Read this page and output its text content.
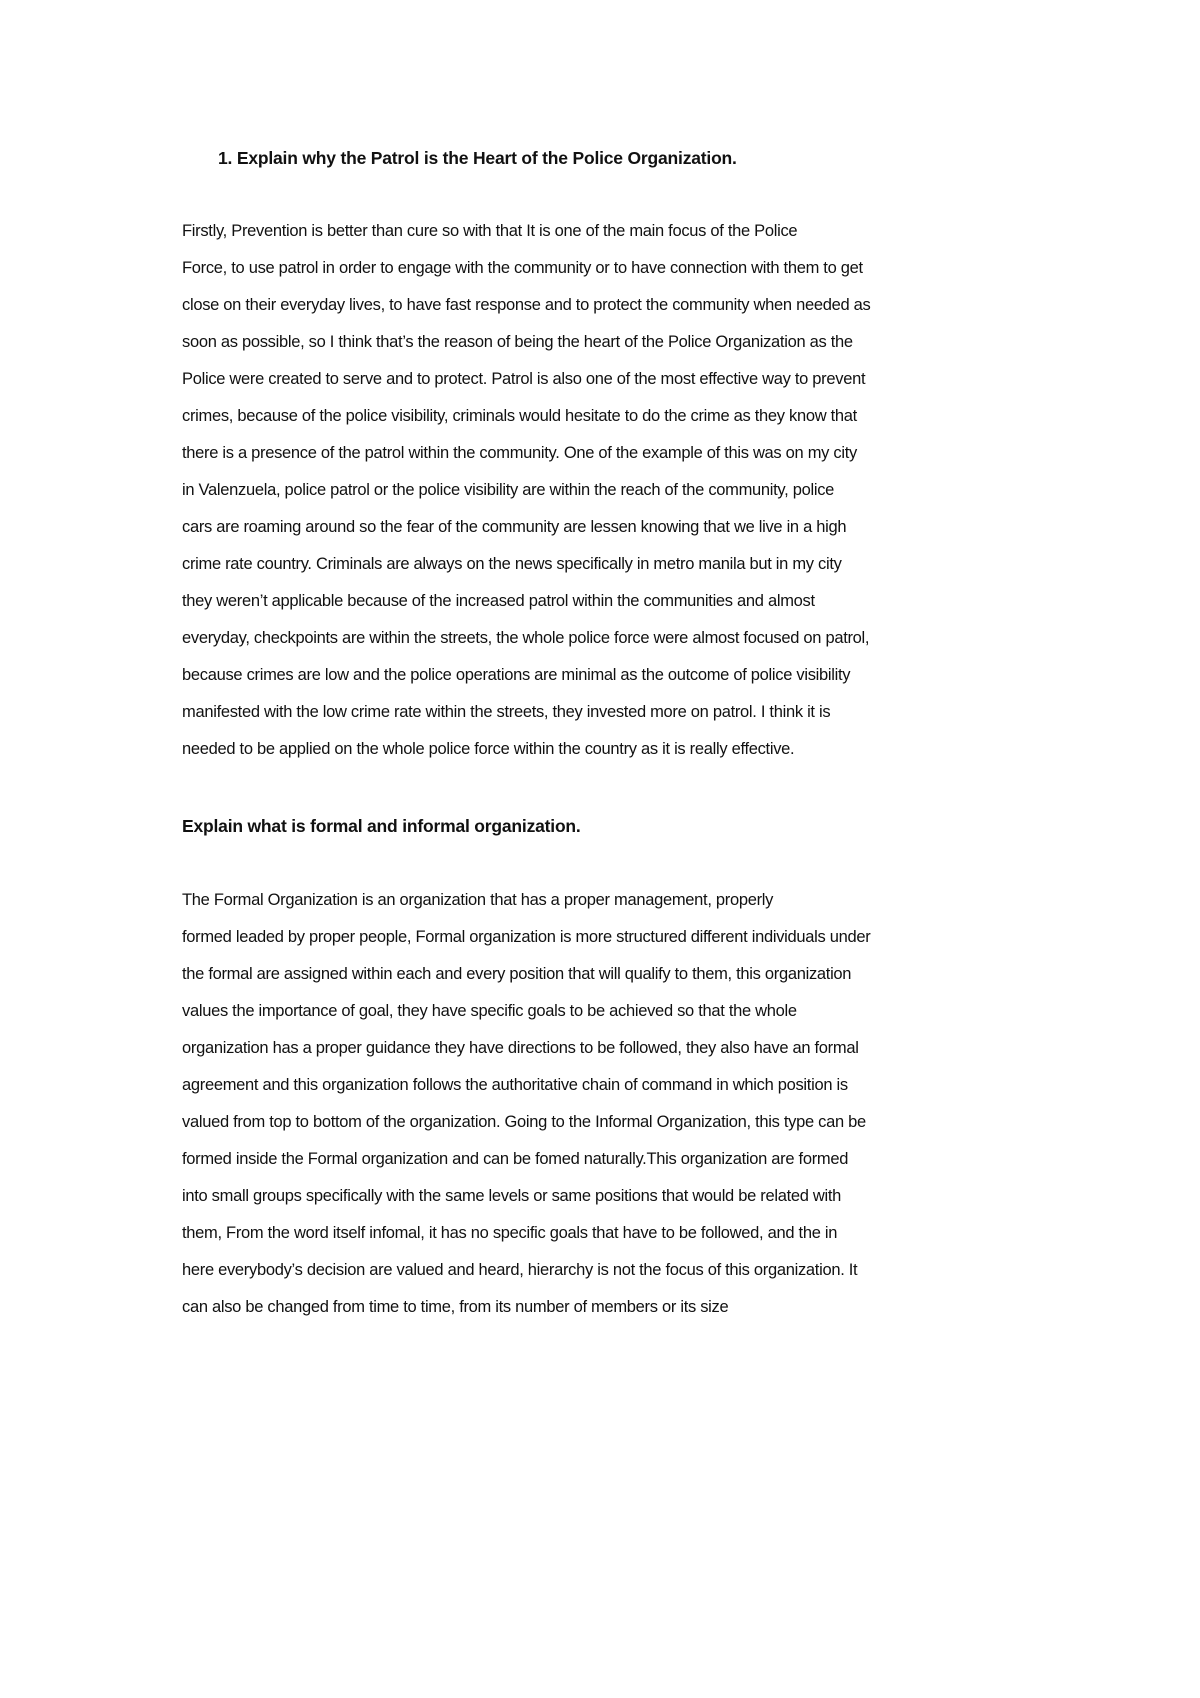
1. Explain why the Patrol is the Heart of the Police Organization.
Firstly, Prevention is better than cure so with that It is one of the main focus of the Police
Force, to use patrol in order to engage with the community or to have connection with them to get
close on their everyday lives, to have fast response and to protect the community when needed as
soon as possible, so I think that’s the reason of being the heart of the Police Organization as the
Police were created to serve and to protect. Patrol is also one of the most effective way to prevent
crimes, because of the police visibility, criminals would hesitate to do the crime as they know that
there is a presence of the patrol within the community. One of the example of this was on my city
in Valenzuela, police patrol or the police visibility are within the reach of the community, police
cars are roaming around so the fear of the community are lessen knowing that we live in a high
crime rate country. Criminals are always on the news specifically in metro manila but in my city
they weren’t applicable because of the increased patrol within the communities and almost
everyday, checkpoints are within the streets, the whole police force were almost focused on patrol,
because crimes are low and the police operations are minimal as the outcome of police visibility
manifested with the low crime rate within the streets, they invested more on patrol. I think it is
needed to be applied on the whole police force within the country as it is really effective.
Explain what is formal and informal organization.
The Formal Organization is an organization that has a proper management, properly
formed leaded by proper people, Formal organization is more structured different individuals under
the formal are assigned within each and every position that will qualify to them, this organization
values the importance of goal, they have specific goals to be achieved so that the whole
organization has a proper guidance they have directions to be followed, they also have an formal
agreement and this organization follows the authoritative chain of command in which position is
valued from top to bottom of the organization. Going to the Informal Organization, this type can be
formed inside the Formal organization and can be fomed naturally.This organization are formed
into small groups specifically with the same levels or same positions that would be related with
them, From the word itself infomal, it has no specific goals that have to be followed, and the in
here everybody’s decision are valued and heard, hierarchy is not the focus of this organization. It
can also be changed from time to time, from its number of members or its size
